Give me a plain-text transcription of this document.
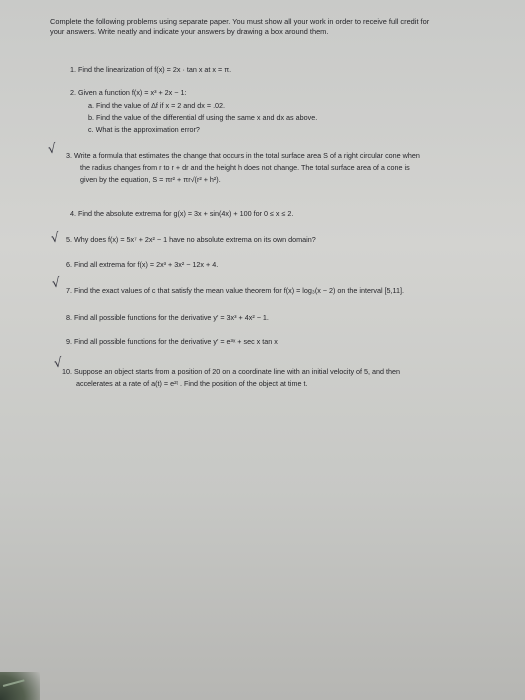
Complete the following problems using separate paper. You must show all your work in order to receive full credit for
your answers. Write neatly and indicate your answers by drawing a box around them.
1. Find the linearization of f(x) = 2x · tan x at x = π.
2. Given a function f(x) = x³ + 2x − 1:
a. Find the value of Δf if x = 2 and dx = .02.
b. Find the value of the differential df using the same x and dx as above.
c. What is the approximation error?
√ 3. Write a formula that estimates the change that occurs in the total surface area S of a right circular cone when
the radius changes from r to r + dr and the height h does not change. The total surface area of a cone is
given by the equation, S = πr² + πr√(r² + h²).
4. Find the absolute extrema for g(x) = 3x + sin(4x) + 100 for 0 ≤ x ≤ 2.
√ 5. Why does f(x) = 5x⁷ + 2x² − 1 have no absolute extrema on its own domain?
6. Find all extrema for f(x) = 2x³ + 3x² − 12x + 4.
√ 7. Find the exact values of c that satisfy the mean value theorem for f(x) = log₃(x − 2) on the interval [5,11].
8. Find all possible functions for the derivative y′ = 3x³ + 4x² − 1.
9. Find all possible functions for the derivative y′ = e³ˣ + sec x tan x
√
10. Suppose an object starts from a position of 20 on a coordinate line with an initial velocity of 5, and then
accelerates at a rate of a(t) = e²ᵗ . Find the position of the object at time t.
